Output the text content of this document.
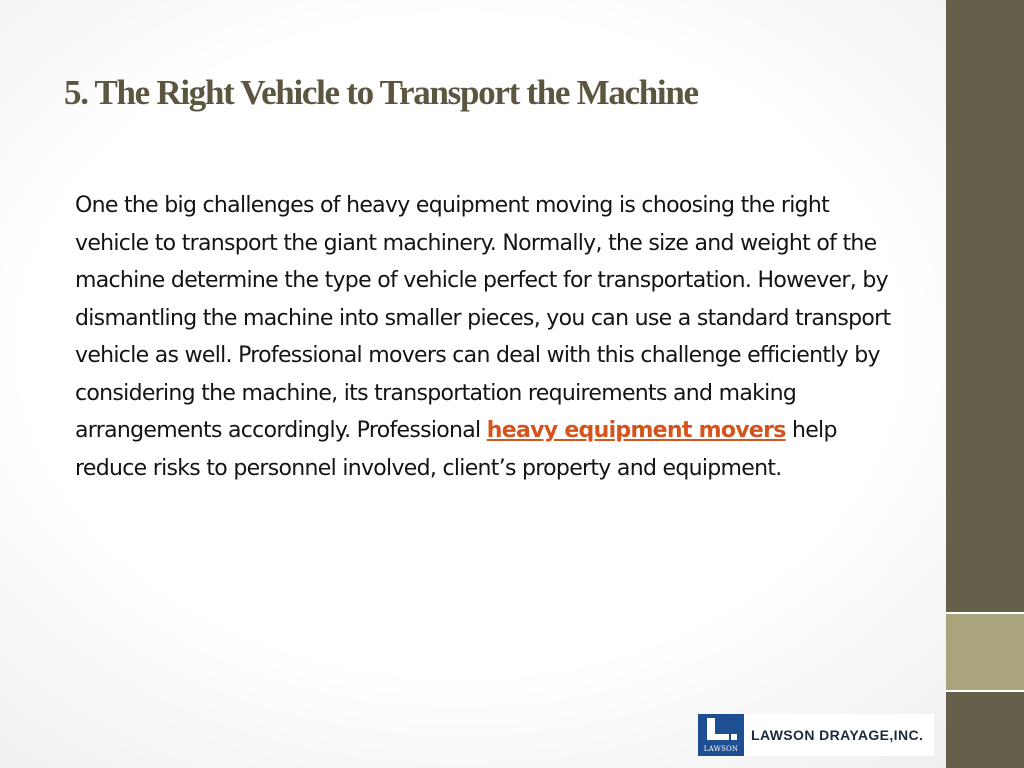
5. The Right Vehicle to Transport the Machine

One the big challenges of heavy equipment moving is choosing the right vehicle to transport the giant machinery. Normally, the size and weight of the machine determine the type of vehicle perfect for transportation. However, by dismantling the machine into smaller pieces, you can use a standard transport vehicle as well. Professional movers can deal with this challenge efficiently by considering the machine, its transportation requirements and making arrangements accordingly. Professional heavy equipment movers help reduce risks to personnel involved, client’s property and equipment.

LAWSON
LAWSON DRAYAGE,INC.
